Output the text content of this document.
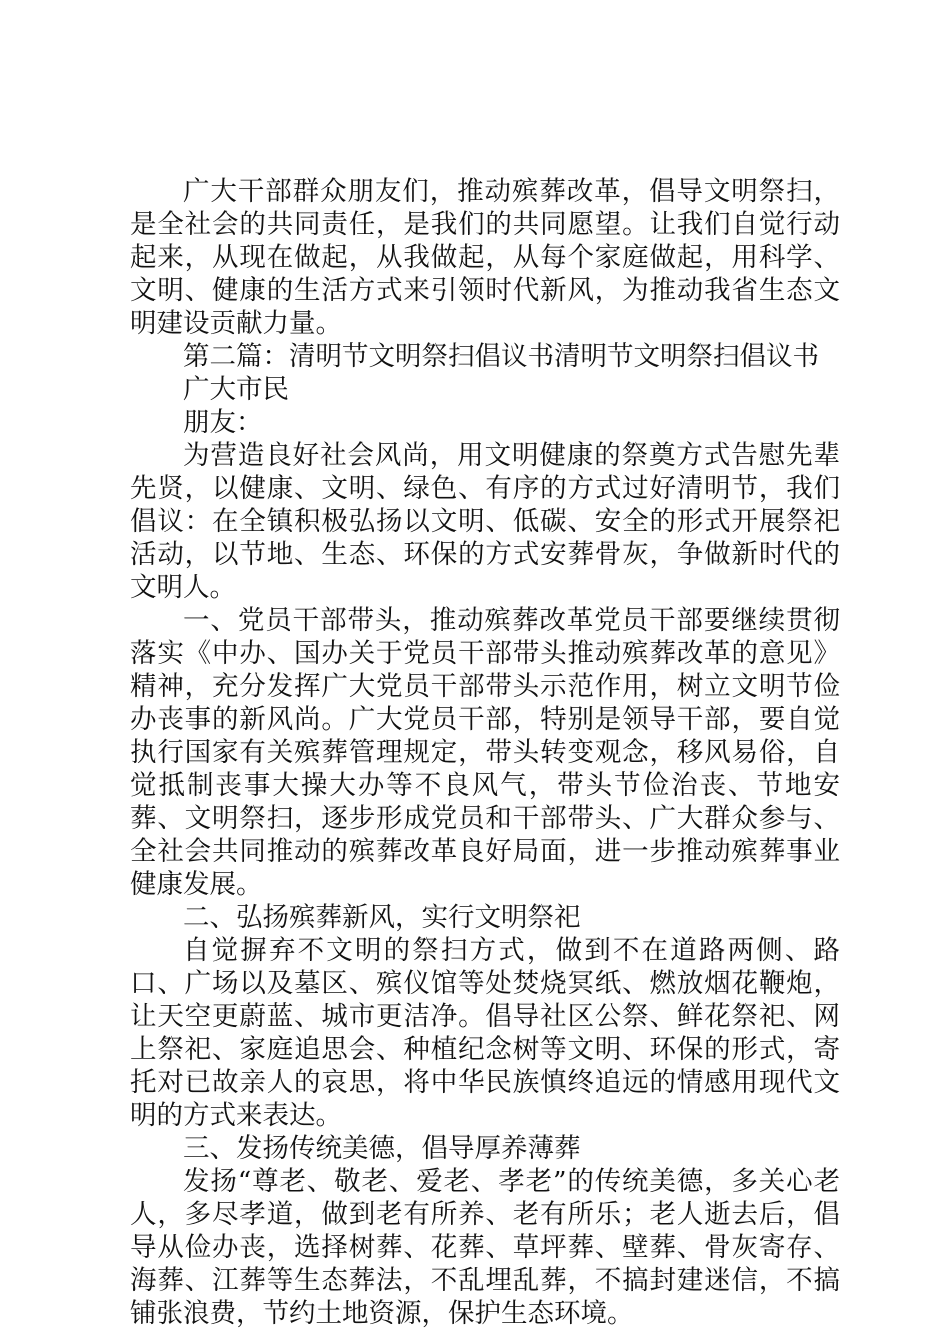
广大干部群众朋友们，推动殡葬改革，倡导文明祭扫，是全社会的共同责任，是我们的共同愿望。让我们自觉行动起来，从现在做起，从我做起，从每个家庭做起，用科学、文明、健康的生活方式来引领时代新风，为推动我省生态文明建设贡献力量。

第二篇：清明节文明祭扫倡议书清明节文明祭扫倡议书

广大市民

朋友：

为营造良好社会风尚，用文明健康的祭奠方式告慰先辈先贤，以健康、文明、绿色、有序的方式过好清明节，我们倡议：在全镇积极弘扬以文明、低碳、安全的形式开展祭祀活动，以节地、生态、环保的方式安葬骨灰，争做新时代的文明人。

一、党员干部带头，推动殡葬改革党员干部要继续贯彻落实《中办、国办关于党员干部带头推动殡葬改革的意见》精神，充分发挥广大党员干部带头示范作用，树立文明节俭办丧事的新风尚。广大党员干部，特别是领导干部，要自觉执行国家有关殡葬管理规定，带头转变观念，移风易俗，自觉抵制丧事大操大办等不良风气，带头节俭治丧、节地安葬、文明祭扫，逐步形成党员和干部带头、广大群众参与、全社会共同推动的殡葬改革良好局面，进一步推动殡葬事业健康发展。

二、弘扬殡葬新风，实行文明祭祀

自觉摒弃不文明的祭扫方式，做到不在道路两侧、路口、广场以及墓区、殡仪馆等处焚烧冥纸、燃放烟花鞭炮，让天空更蔚蓝、城市更洁净。倡导社区公祭、鲜花祭祀、网上祭祀、家庭追思会、种植纪念树等文明、环保的形式，寄托对已故亲人的哀思，将中华民族慎终追远的情感用现代文明的方式来表达。

三、发扬传统美德，倡导厚养薄葬

发扬“尊老、敬老、爱老、孝老”的传统美德，多关心老人，多尽孝道，做到老有所养、老有所乐；老人逝去后，倡导从俭办丧，选择树葬、花葬、草坪葬、壁葬、骨灰寄存、海葬、江葬等生态葬法，不乱埋乱葬，不搞封建迷信，不搞铺张浪费，节约土地资源，保护生态环境。
